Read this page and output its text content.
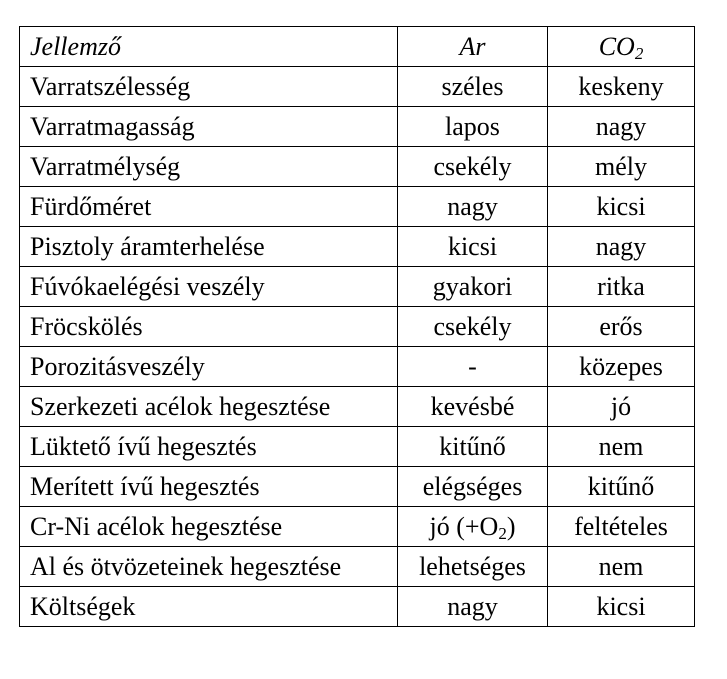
Jellemző	Ar	$CO_2$
Varratszélesség	széles	keskeny
Varratmagasság	lapos	nagy
Varratmélység	csekély	mély
Fürdőméret	nagy	kicsi
Pisztoly áramterhelése	kicsi	nagy
Fúvókaelégési veszély	gyakori	ritka
Fröcskölés	csekély	erős
Porozitásveszély	-	közepes
Szerkezeti acélok hegesztése	kevésbé	jó
Lüktető ívű hegesztés	kitűnő	nem
Merített ívű hegesztés	elégséges	kitűnő
Cr-Ni acélok hegesztése	jó $(+O_2)$	feltételes
Al és ötvözeteinek hegesztése	lehetséges	nem
Költségek	nagy	kicsi
